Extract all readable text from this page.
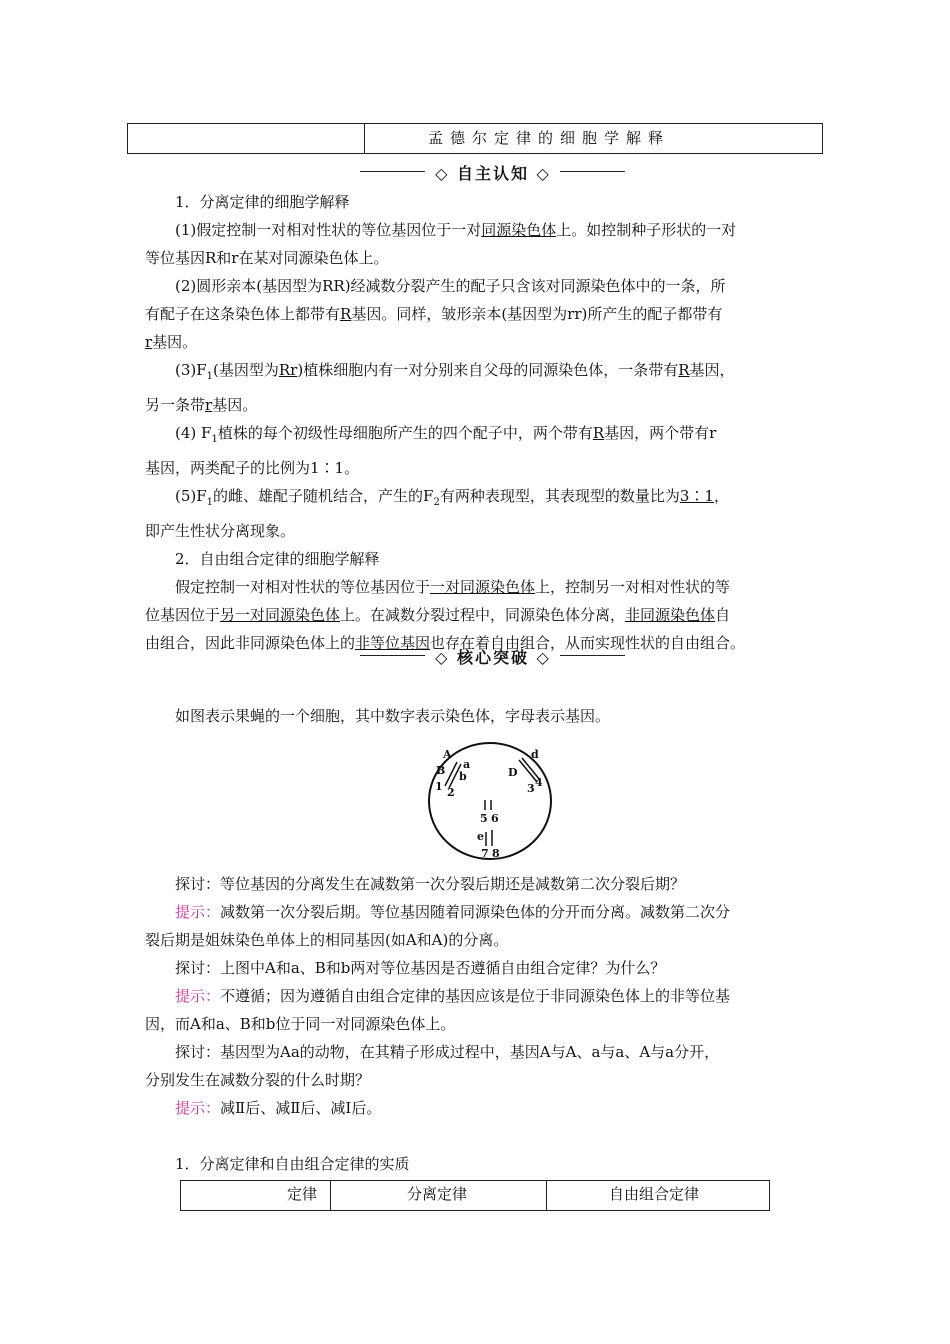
孟德尔定律的细胞学解释
◇ 自主认知 ◇
1．分离定律的细胞学解释
(1)假定控制一对相对性状的等位基因位于一对同源染色体上。如控制种子形状的一对
等位基因R和r在某对同源染色体上。
(2)圆形亲本(基因型为RR)经减数分裂产生的配子只含该对同源染色体中的一条，所
有配子在这条染色体上都带有R基因。同样，皱形亲本(基因型为rr)所产生的配子都带有
r基因。
$(3)F_1$(基因型为Rr)植株细胞内有一对分别来自父母的同源染色体，一条带有R基因，
另一条带r基因。
(4) $F_1$植株的每个初级性母细胞所产生的四个配子中，两个带有R基因，两个带有r
基因，两类配子的比例为1∶1。
$(5)F_1$的雌、雄配子随机结合，产生的$F_2$有两种表现型，其表现型的数量比为3∶1，
即产生性状分离现象。
2．自由组合定律的细胞学解释
假定控制一对相对性状的等位基因位于一对同源染色体上，控制另一对相对性状的等
位基因位于另一对同源染色体上。在减数分裂过程中，同源染色体分离，非同源染色体自
由组合，因此非同源染色体上的非等位基因也存在着自由组合，从而实现性状的自由组合。
◇ 核心突破 ◇
如图表示果蝇的一个细胞，其中数字表示染色体，字母表示基因。
A
B a
b
1 2
D
d
3 4
5 6
e
7 8
探讨：等位基因的分离发生在减数第一次分裂后期还是减数第二次分裂后期？
提示：减数第一次分裂后期。等位基因随着同源染色体的分开而分离。减数第二次分
裂后期是姐妹染色单体上的相同基因(如A和A)的分离。
探讨：上图中A和a、B和b两对等位基因是否遵循自由组合定律？为什么？
提示：不遵循；因为遵循自由组合定律的基因应该是位于非同源染色体上的非等位基
因，而A和a、B和b位于同一对同源染色体上。
探讨：基因型为Aa的动物，在其精子形成过程中，基因A与A、a与a、A与a分开，
分别发生在减数分裂的什么时期？
提示：减Ⅱ后、减Ⅱ后、减Ⅰ后。
1．分离定律和自由组合定律的实质
定律	分离定律	自由组合定律
